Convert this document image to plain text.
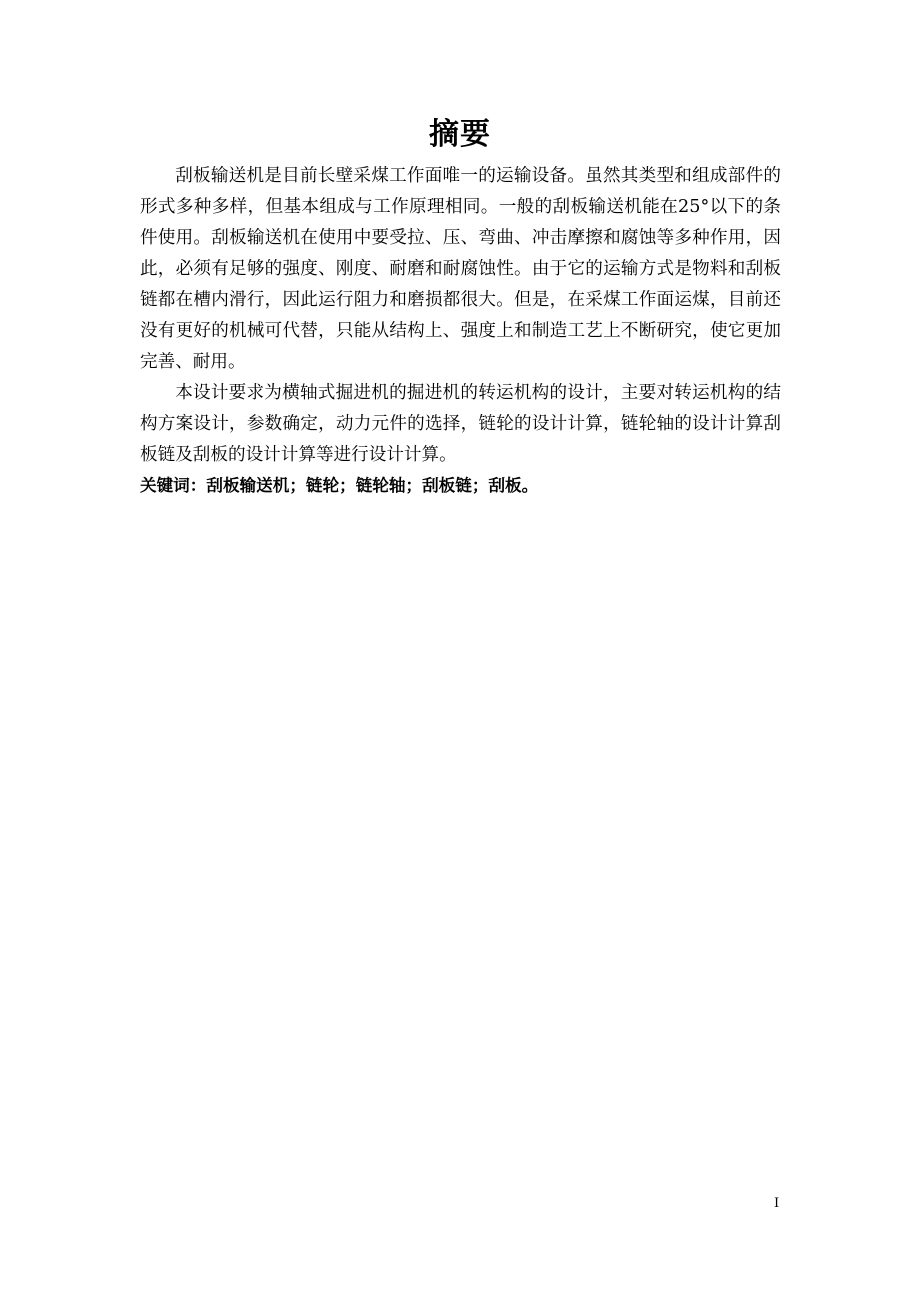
摘要

刮板输送机是目前长壁采煤工作面唯一的运输设备。虽然其类型和组成部件的形式多种多样，但基本组成与工作原理相同。一般的刮板输送机能在25°以下的条件使用。刮板输送机在使用中要受拉、压、弯曲、冲击摩擦和腐蚀等多种作用，因此，必须有足够的强度、刚度、耐磨和耐腐蚀性。由于它的运输方式是物料和刮板链都在槽内滑行，因此运行阻力和磨损都很大。但是，在采煤工作面运煤，目前还没有更好的机械可代替，只能从结构上、强度上和制造工艺上不断研究，使它更加完善、耐用。

本设计要求为横轴式掘进机的掘进机的转运机构的设计，主要对转运机构的结构方案设计，参数确定，动力元件的选择，链轮的设计计算，链轮轴的设计计算刮板链及刮板的设计计算等进行设计计算。

关键词：刮板输送机；链轮；链轮轴；刮板链；刮板。

I
